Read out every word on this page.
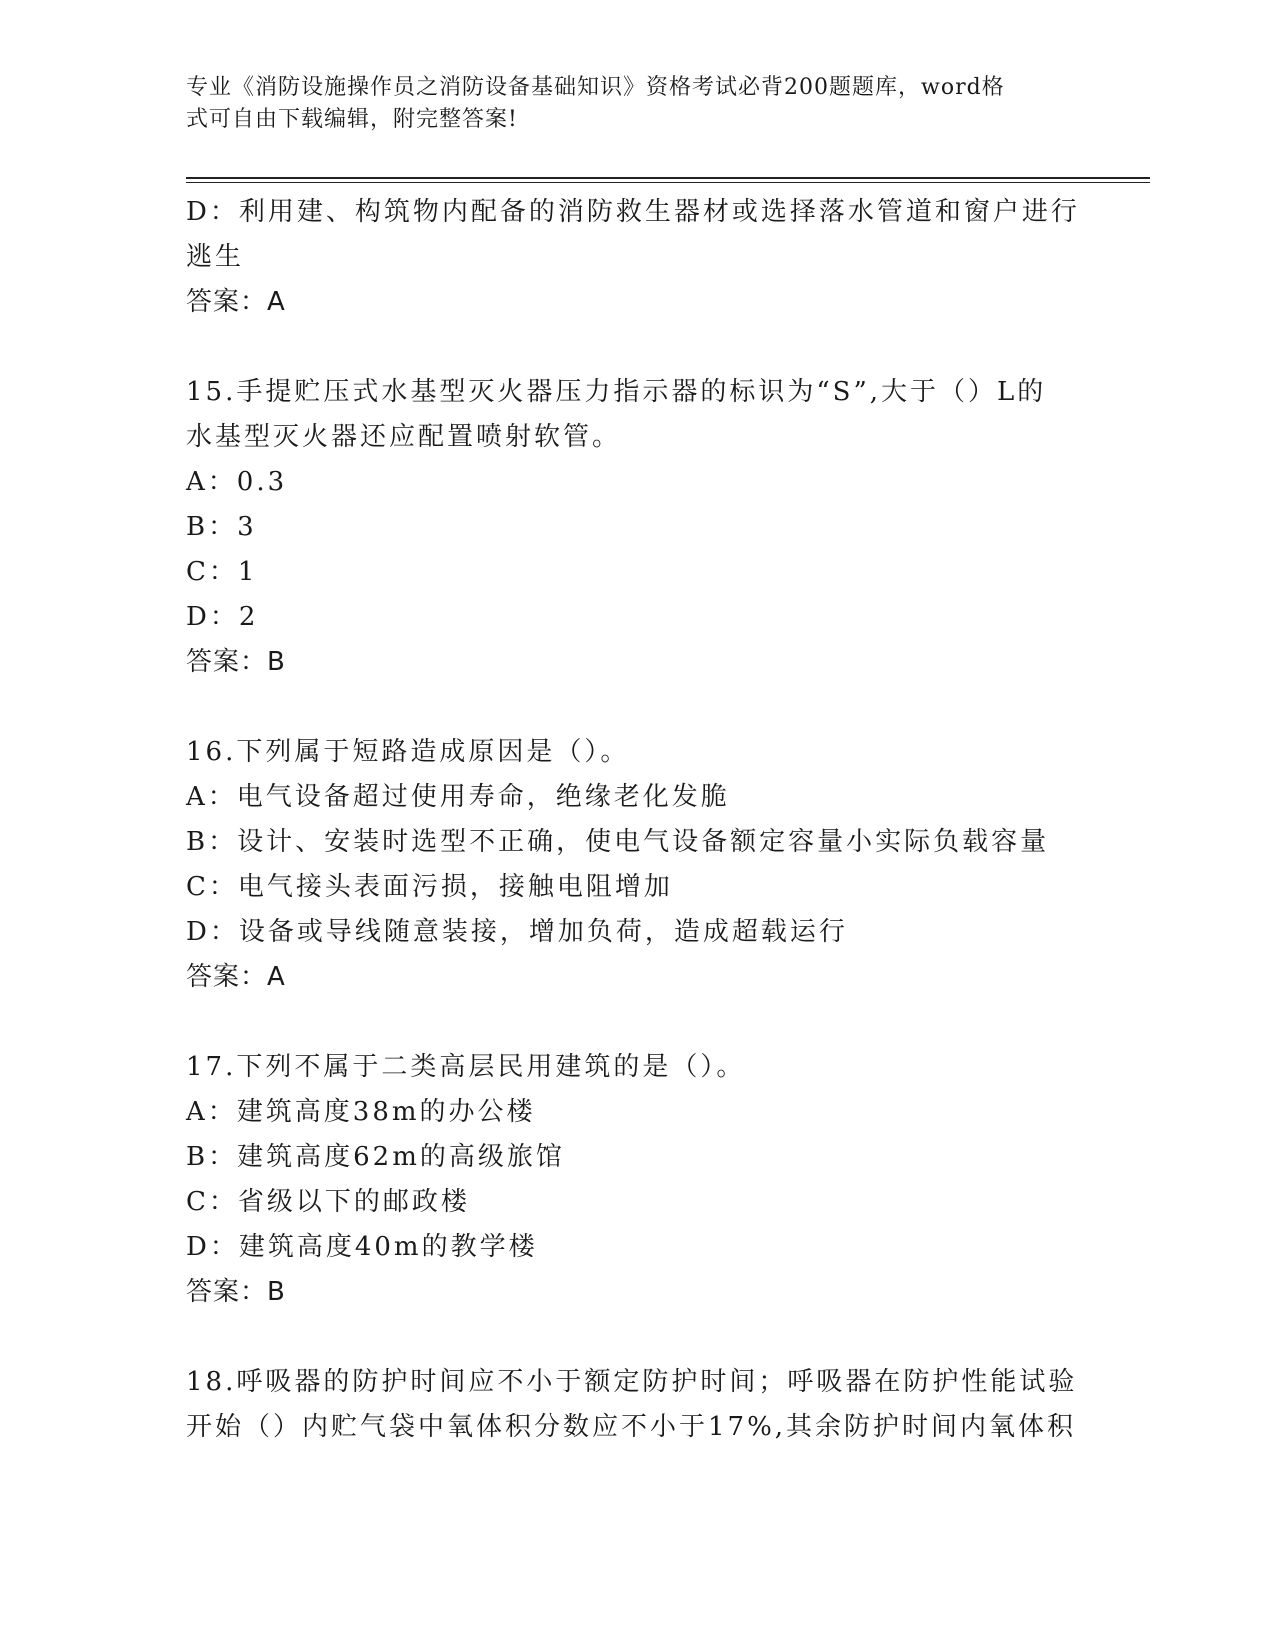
专业《消防设施操作员之消防设备基础知识》资格考试必背200题题库，word格
式可自由下载编辑，附完整答案!
D：利用建、构筑物内配备的消防救生器材或选择落水管道和窗户进行
逃生
答案：A
15.手提贮压式水基型灭火器压力指示器的标识为“S”,大于（）L的
水基型灭火器还应配置喷射软管。
A：0.3
B：3
C：1
D：2
答案：B
16.下列属于短路造成原因是（）。
A：电气设备超过使用寿命，绝缘老化发脆
B：设计、安装时选型不正确，使电气设备额定容量小实际负载容量
C：电气接头表面污损，接触电阻增加
D：设备或导线随意装接，增加负荷，造成超载运行
答案：A
17.下列不属于二类高层民用建筑的是（）。
A：建筑高度38m的办公楼
B：建筑高度62m的高级旅馆
C：省级以下的邮政楼
D：建筑高度40m的教学楼
答案：B
18.呼吸器的防护时间应不小于额定防护时间；呼吸器在防护性能试验
开始（）内贮气袋中氧体积分数应不小于17%,其余防护时间内氧体积
